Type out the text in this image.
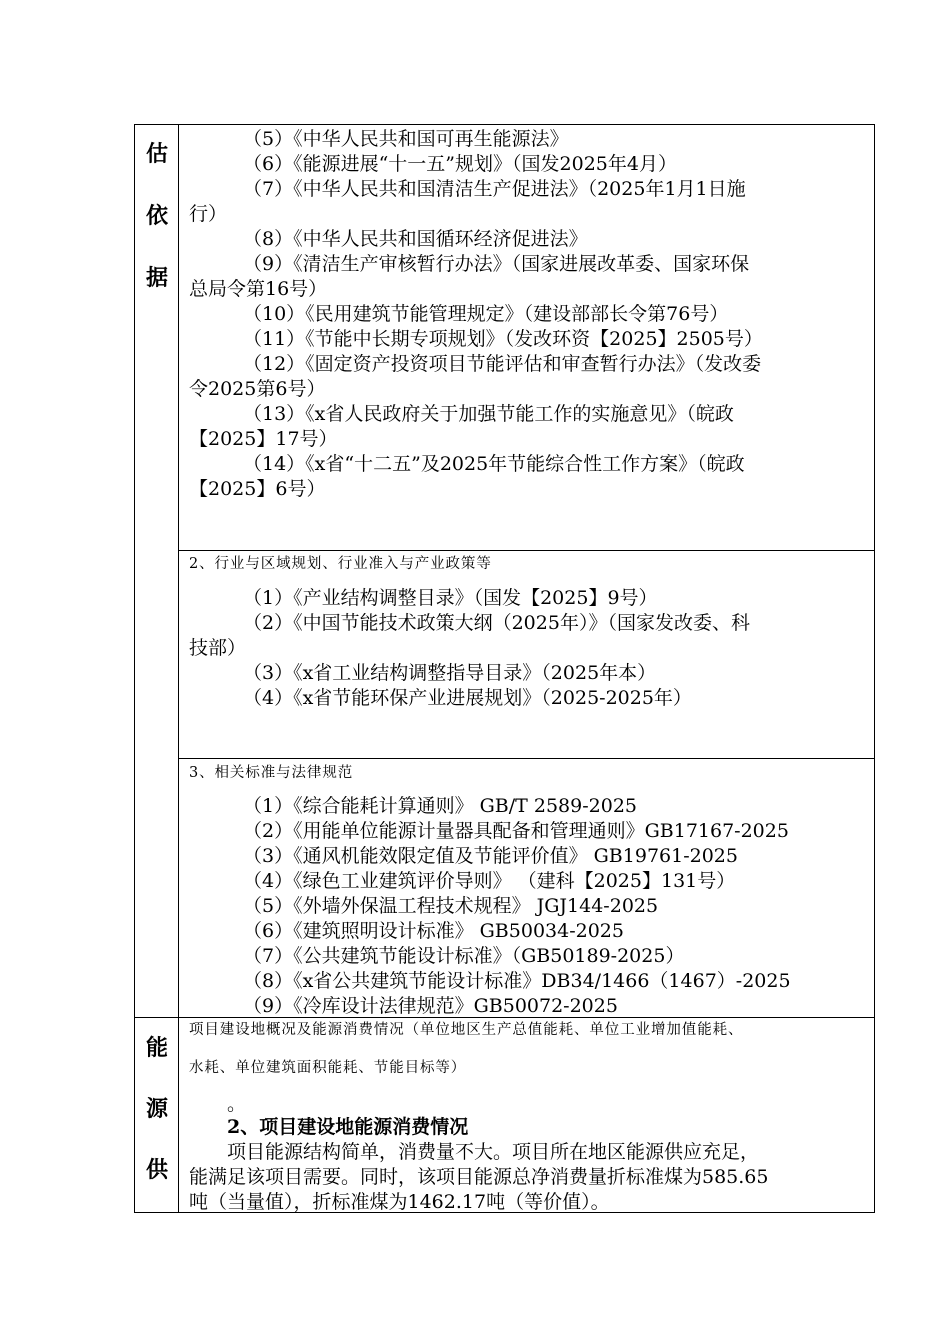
估
依
据
能
源
供
（5）《中华人民共和国可再生能源法》
（6）《能源进展“十一五”规划》（国发2025年4月）
（7）《中华人民共和国清洁生产促进法》（2025年1月1日施
行）
（8）《中华人民共和国循环经济促进法》
（9）《清洁生产审核暂行办法》（国家进展改革委、国家环保
总局令第16号）
（10）《民用建筑节能管理规定》（建设部部长令第76号）
（11）《节能中长期专项规划》（发改环资【2025】2505号）
（12）《固定资产投资项目节能评估和审查暂行办法》（发改委
令2025第6号）
（13）《x省人民政府关于加强节能工作的实施意见》（皖政
【2025】17号）
（14）《x省“十二五”及2025年节能综合性工作方案》（皖政
【2025】6号）
2、行业与区域规划、行业准入与产业政策等
（1）《产业结构调整目录》（国发【2025】9号）
（2）《中国节能技术政策大纲（2025年）》（国家发改委、科
技部）
（3）《x省工业结构调整指导目录》（2025年本）
（4）《x省节能环保产业进展规划》（2025-2025年）
3、相关标准与法律规范
（1）《综合能耗计算通则》 GB/T 2589-2025
（2）《用能单位能源计量器具配备和管理通则》GB17167-2025
（3）《通风机能效限定值及节能评价值》 GB19761-2025
（4）《绿色工业建筑评价导则》 （建科【2025】131号）
（5）《外墙外保温工程技术规程》 JGJ144-2025
（6）《建筑照明设计标准》 GB50034-2025
（7）《公共建筑节能设计标准》（GB50189-2025）
（8）《x省公共建筑节能设计标准》DB34/1466（1467）-2025
（9）《冷库设计法律规范》GB50072-2025
项目建设地概况及能源消费情况（单位地区生产总值能耗、单位工业增加值能耗、
水耗、单位建筑面积能耗、节能目标等）
。
2、项目建设地能源消费情况
项目能源结构简单，消费量不大。项目所在地区能源供应充足，
能满足该项目需要。同时，该项目能源总净消费量折标准煤为585.65
吨（当量值），折标准煤为1462.17吨（等价值）。
